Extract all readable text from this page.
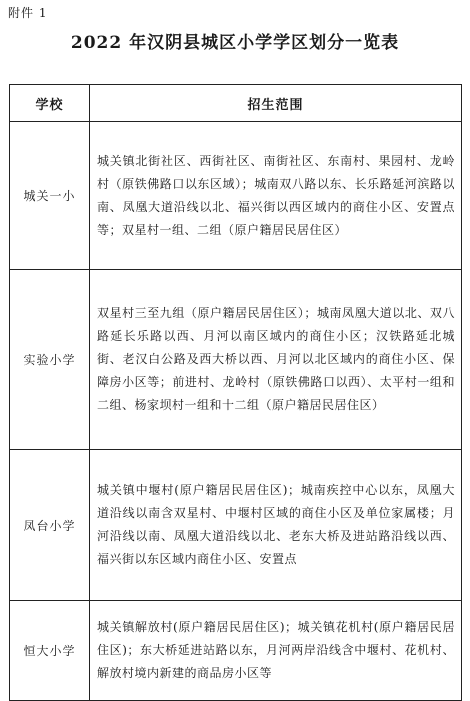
附件 1
2022 年汉阴县城区小学学区划分一览表
学校	招生范围
城关一小	城关镇北街社区、西街社区、南街社区、东南村、果园村、龙岭村（原铁佛路口以东区域）；城南双八路以东、长乐路延河滨路以南、凤凰大道沿线以北、福兴街以西区域内的商住小区、安置点等；双星村一组、二组（原户籍居民居住区）
实验小学	双星村三至九组（原户籍居民居住区）；城南凤凰大道以北、双八路延长乐路以西、月河以南区域内的商住小区；汉铁路延北城街、老汉白公路及西大桥以西、月河以北区域内的商住小区、保障房小区等；前进村、龙岭村（原铁佛路口以西）、太平村一组和二组、杨家坝村一组和十二组（原户籍居民居住区）
凤台小学	城关镇中堰村(原户籍居民居住区)；城南疾控中心以东，凤凰大道沿线以南含双星村、中堰村区域的商住小区及单位家属楼；月河沿线以南、凤凰大道沿线以北、老东大桥及进站路沿线以西、福兴街以东区域内商住小区、安置点
恒大小学	城关镇解放村(原户籍居民居住区)；城关镇花机村(原户籍居民居住区)；东大桥延进站路以东，月河两岸沿线含中堰村、花机村、解放村境内新建的商品房小区等
